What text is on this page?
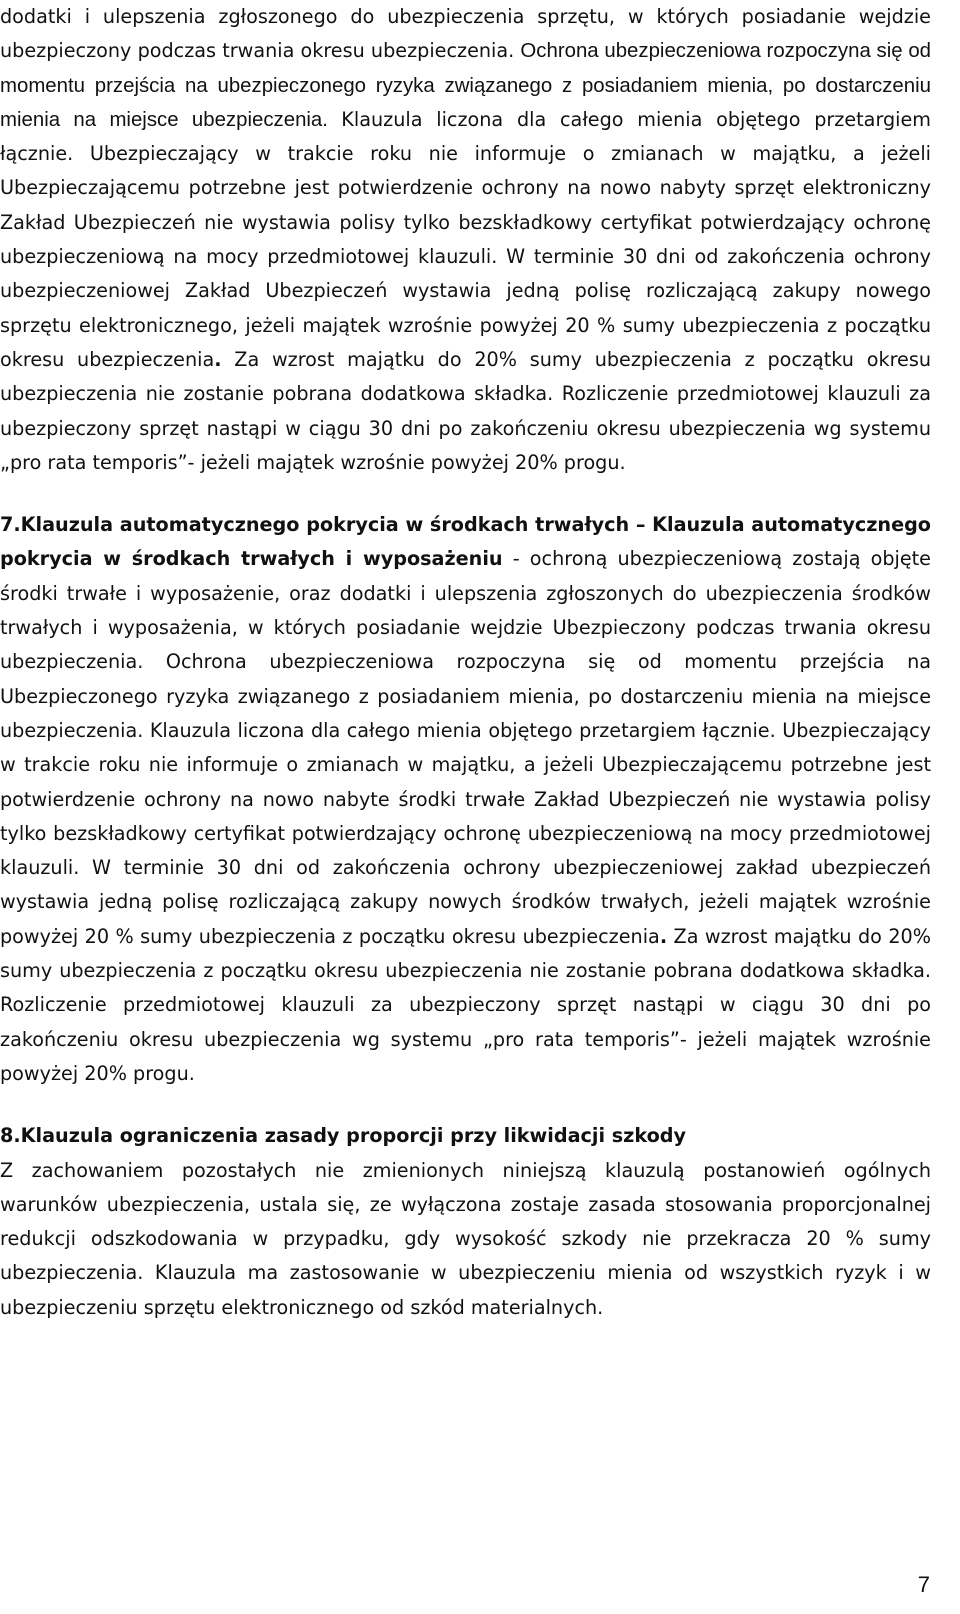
dodatki i ulepszenia zgłoszonego do ubezpieczenia sprzętu, w których posiadanie wejdzie ubezpieczony podczas trwania okresu ubezpieczenia. Ochrona ubezpieczeniowa rozpoczyna się od momentu przejścia na ubezpieczonego ryzyka związanego z posiadaniem mienia, po dostarczeniu mienia na miejsce ubezpieczenia. Klauzula liczona dla całego mienia objętego przetargiem łącznie. Ubezpieczający w trakcie roku nie informuje o zmianach w majątku, a jeżeli Ubezpieczającemu potrzebne jest potwierdzenie ochrony na nowo nabyty sprzęt elektroniczny Zakład Ubezpieczeń nie wystawia polisy tylko bezskładkowy certyfikat potwierdzający ochronę ubezpieczeniową na mocy przedmiotowej klauzuli. W terminie 30 dni od zakończenia ochrony ubezpieczeniowej Zakład Ubezpieczeń wystawia jedną polisę rozliczającą zakupy nowego sprzętu elektronicznego, jeżeli majątek wzrośnie powyżej 20 % sumy ubezpieczenia z początku okresu ubezpieczenia. Za wzrost majątku do 20% sumy ubezpieczenia z początku okresu ubezpieczenia nie zostanie pobrana dodatkowa składka. Rozliczenie przedmiotowej klauzuli za ubezpieczony sprzęt nastąpi w ciągu 30 dni po zakończeniu okresu ubezpieczenia wg systemu „pro rata temporis”- jeżeli majątek wzrośnie powyżej 20% progu.

7.Klauzula automatycznego pokrycia w środkach trwałych – Klauzula automatycznego pokrycia w środkach trwałych i wyposażeniu - ochroną ubezpieczeniową zostają objęte środki trwałe i wyposażenie, oraz dodatki i ulepszenia zgłoszonych do ubezpieczenia środków trwałych i wyposażenia, w których posiadanie wejdzie Ubezpieczony podczas trwania okresu ubezpieczenia. Ochrona ubezpieczeniowa rozpoczyna się od momentu przejścia na Ubezpieczonego ryzyka związanego z posiadaniem mienia, po dostarczeniu mienia na miejsce ubezpieczenia. Klauzula liczona dla całego mienia objętego przetargiem łącznie. Ubezpieczający w trakcie roku nie informuje o zmianach w majątku, a jeżeli Ubezpieczającemu potrzebne jest potwierdzenie ochrony na nowo nabyte środki trwałe Zakład Ubezpieczeń nie wystawia polisy tylko bezskładkowy certyfikat potwierdzający ochronę ubezpieczeniową na mocy przedmiotowej klauzuli. W terminie 30 dni od zakończenia ochrony ubezpieczeniowej zakład ubezpieczeń wystawia jedną polisę rozliczającą zakupy nowych środków trwałych, jeżeli majątek wzrośnie powyżej 20 % sumy ubezpieczenia z początku okresu ubezpieczenia. Za wzrost majątku do 20% sumy ubezpieczenia z początku okresu ubezpieczenia nie zostanie pobrana dodatkowa składka. Rozliczenie przedmiotowej klauzuli za ubezpieczony sprzęt nastąpi w ciągu 30 dni po zakończeniu okresu ubezpieczenia wg systemu „pro rata temporis”- jeżeli majątek wzrośnie powyżej 20% progu.

8.Klauzula ograniczenia zasady proporcji przy likwidacji szkody
Z zachowaniem pozostałych nie zmienionych niniejszą klauzulą postanowień ogólnych warunków ubezpieczenia, ustala się, ze wyłączona zostaje zasada stosowania proporcjonalnej redukcji odszkodowania w przypadku, gdy wysokość szkody nie przekracza 20 % sumy ubezpieczenia. Klauzula ma zastosowanie w ubezpieczeniu mienia od wszystkich ryzyk i w ubezpieczeniu sprzętu elektronicznego od szkód materialnych.

7
